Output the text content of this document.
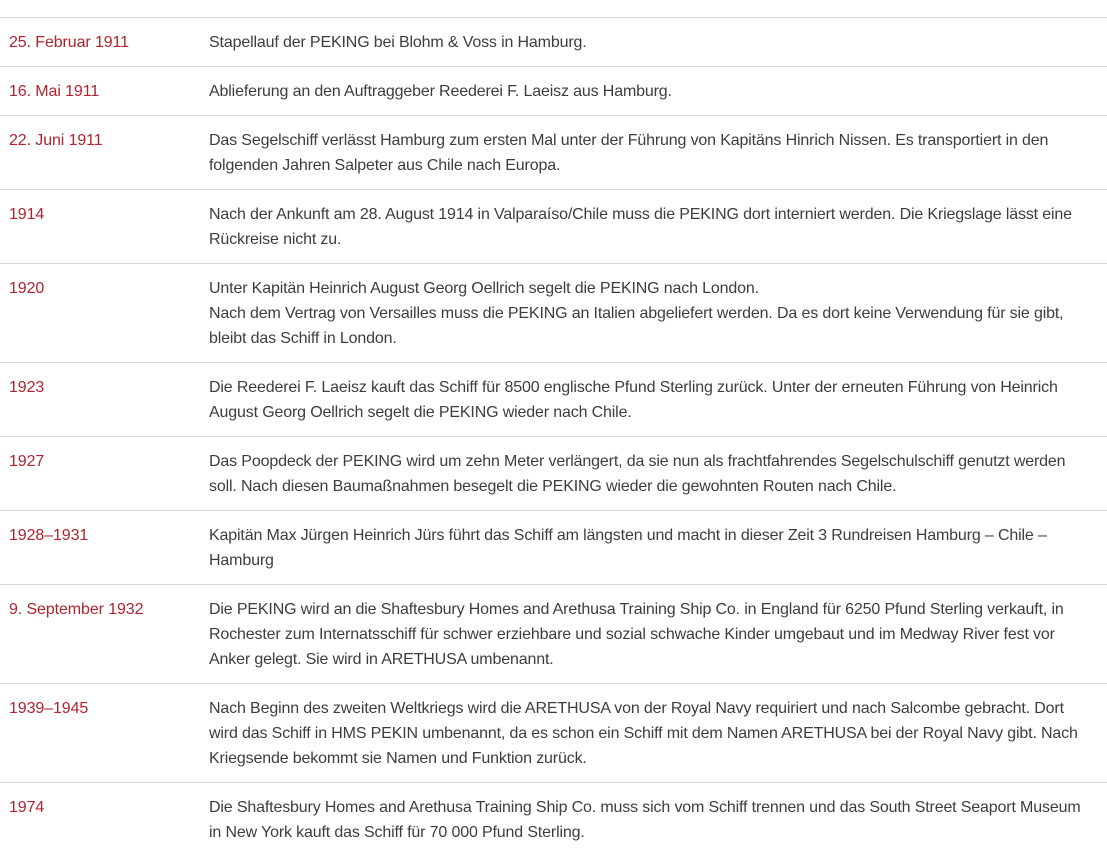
25. Februar 1911	Stapellauf der PEKING bei Blohm & Voss in Hamburg.
16. Mai 1911	Ablieferung an den Auftraggeber Reederei F. Laeisz aus Hamburg.
22. Juni 1911	Das Segelschiff verlässt Hamburg zum ersten Mal unter der Führung von Kapitäns Hinrich Nissen. Es transportiert in den folgenden Jahren Salpeter aus Chile nach Europa.
1914	Nach der Ankunft am 28. August 1914 in Valparaíso/Chile muss die PEKING dort interniert werden. Die Kriegslage lässt eine Rückreise nicht zu.
1920	Unter Kapitän Heinrich August Georg Oellrich segelt die PEKING nach London.
Nach dem Vertrag von Versailles muss die PEKING an Italien abgeliefert werden. Da es dort keine Verwendung für sie gibt, bleibt das Schiff in London.
1923	Die Reederei F. Laeisz kauft das Schiff für 8500 englische Pfund Sterling zurück. Unter der erneuten Führung von Heinrich August Georg Oellrich segelt die PEKING wieder nach Chile.
1927	Das Poopdeck der PEKING wird um zehn Meter verlängert, da sie nun als frachtfahrendes Segelschulschiff genutzt werden soll. Nach diesen Baumaßnahmen besegelt die PEKING wieder die gewohnten Routen nach Chile.
1928–1931	Kapitän Max Jürgen Heinrich Jürs führt das Schiff am längsten und macht in dieser Zeit 3 Rundreisen Hamburg – Chile – Hamburg
9. September 1932	Die PEKING wird an die Shaftesbury Homes and Arethusa Training Ship Co. in England für 6250 Pfund Sterling verkauft, in Rochester zum Internatsschiff für schwer erziehbare und sozial schwache Kinder umgebaut und im Medway River fest vor Anker gelegt. Sie wird in ARETHUSA umbenannt.
1939–1945	Nach Beginn des zweiten Weltkriegs wird die ARETHUSA von der Royal Navy requiriert und nach Salcombe gebracht. Dort wird das Schiff in HMS PEKIN umbenannt, da es schon ein Schiff mit dem Namen ARETHUSA bei der Royal Navy gibt. Nach Kriegsende bekommt sie Namen und Funktion zurück.
1974	Die Shaftesbury Homes and Arethusa Training Ship Co. muss sich vom Schiff trennen und das South Street Seaport Museum in New York kauft das Schiff für 70 000 Pfund Sterling.
